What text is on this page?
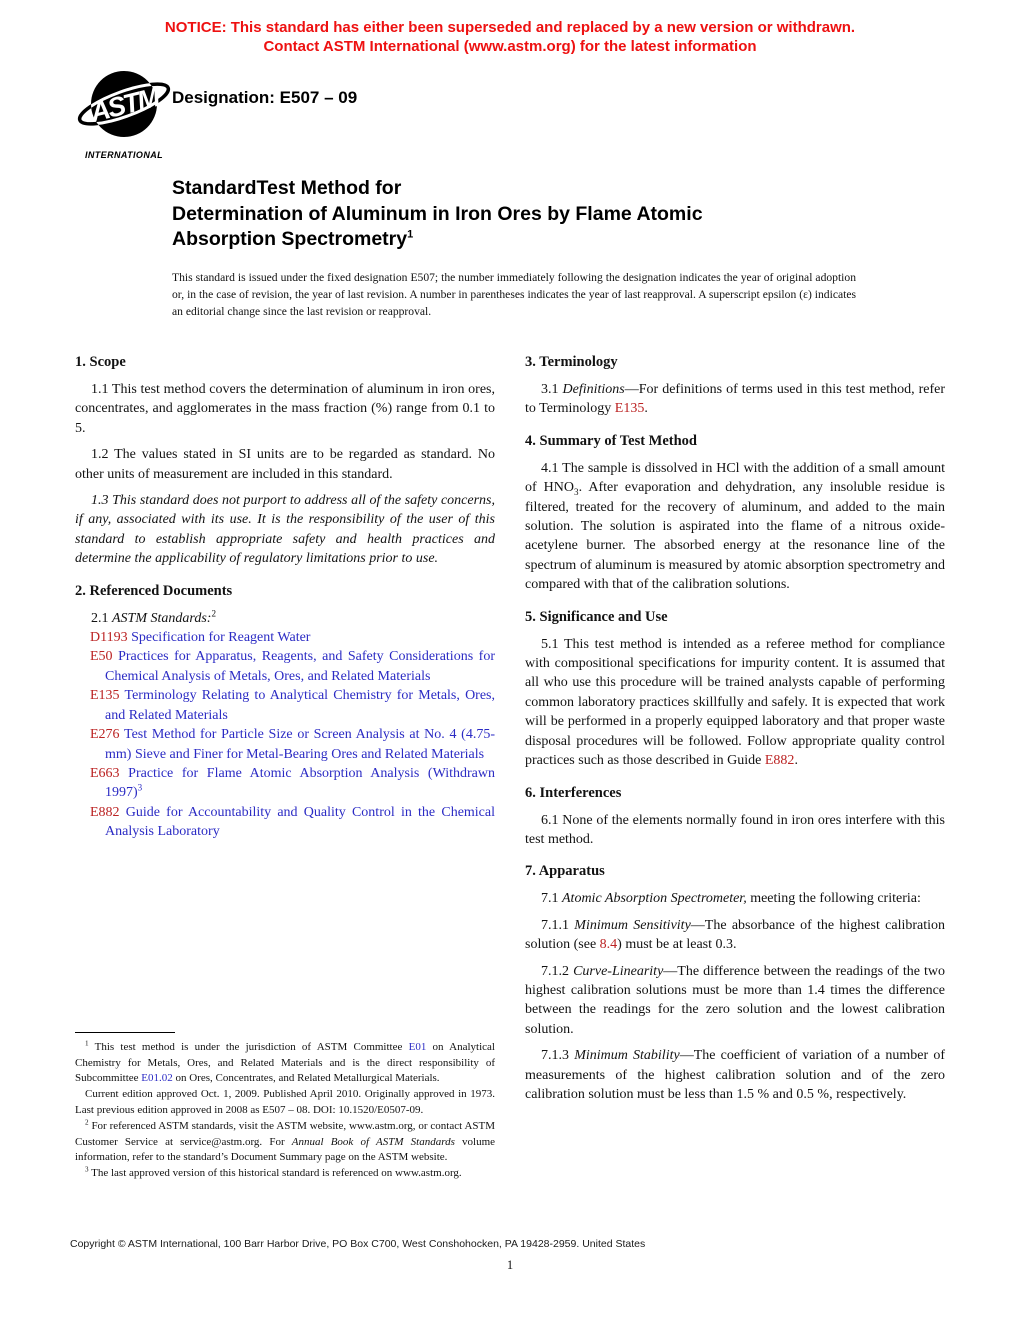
NOTICE: This standard has either been superseded and replaced by a new version or withdrawn.
Contact ASTM International (www.astm.org) for the latest information
ASTM
INTERNATIONAL
Designation: E507 – 09
StandardTest Method for
Determination of Aluminum in Iron Ores by Flame Atomic
Absorption Spectrometry$^1$
This standard is issued under the fixed designation E507; the number immediately following the designation indicates the year of original adoption or, in the case of revision, the year of last revision. A number in parentheses indicates the year of last reapproval. A superscript epsilon (ε) indicates an editorial change since the last revision or reapproval.
1. Scope

1.1 This test method covers the determination of aluminum in iron ores, concentrates, and agglomerates in the mass fraction (%) range from 0.1 to 5.

1.2 The values stated in SI units are to be regarded as standard. No other units of measurement are included in this standard.

1.3 This standard does not purport to address all of the safety concerns, if any, associated with its use. It is the responsibility of the user of this standard to establish appropriate safety and health practices and determine the applicability of regulatory limitations prior to use.

2. Referenced Documents

2.1 ASTM Standards:$^2$

D1193 Specification for Reagent Water

E50 Practices for Apparatus, Reagents, and Safety Considerations for Chemical Analysis of Metals, Ores, and Related Materials

E135 Terminology Relating to Analytical Chemistry for Metals, Ores, and Related Materials

E276 Test Method for Particle Size or Screen Analysis at No. 4 (4.75-mm) Sieve and Finer for Metal-Bearing Ores and Related Materials

E663 Practice for Flame Atomic Absorption Analysis (Withdrawn 1997)$^3$

E882 Guide for Accountability and Quality Control in the Chemical Analysis Laboratory

$^1$ This test method is under the jurisdiction of ASTM Committee E01 on Analytical Chemistry for Metals, Ores, and Related Materials and is the direct responsibility of Subcommittee E01.02 on Ores, Concentrates, and Related Metallurgical Materials.

Current edition approved Oct. 1, 2009. Published April 2010. Originally approved in 1973. Last previous edition approved in 2008 as E507 – 08. DOI: 10.1520/E0507-09.

$^2$ For referenced ASTM standards, visit the ASTM website, www.astm.org, or contact ASTM Customer Service at service@astm.org. For Annual Book of ASTM Standards volume information, refer to the standard’s Document Summary page on the ASTM website.

$^3$ The last approved version of this historical standard is referenced on www.astm.org.

3. Terminology

3.1 Definitions—For definitions of terms used in this test method, refer to Terminology E135.

4. Summary of Test Method

4.1 The sample is dissolved in HCl with the addition of a small amount of $HNO_3$. After evaporation and dehydration, any insoluble residue is filtered, treated for the recovery of aluminum, and added to the main solution. The solution is aspirated into the flame of a nitrous oxide-acetylene burner. The absorbed energy at the resonance line of the spectrum of aluminum is measured by atomic absorption spectrometry and compared with that of the calibration solutions.

5. Significance and Use

5.1 This test method is intended as a referee method for compliance with compositional specifications for impurity content. It is assumed that all who use this procedure will be trained analysts capable of performing common laboratory practices skillfully and safely. It is expected that work will be performed in a properly equipped laboratory and that proper waste disposal procedures will be followed. Follow appropriate quality control practices such as those described in Guide E882.

6. Interferences

6.1 None of the elements normally found in iron ores interfere with this test method.

7. Apparatus

7.1 Atomic Absorption Spectrometer, meeting the following criteria:

7.1.1 Minimum Sensitivity—The absorbance of the highest calibration solution (see 8.4) must be at least 0.3.

7.1.2 Curve-Linearity—The difference between the readings of the two highest calibration solutions must be more than 1.4 times the difference between the readings for the zero solution and the lowest calibration solution.

7.1.3 Minimum Stability—The coefficient of variation of a number of measurements of the highest calibration solution and of the zero calibration solution must be less than 1.5 % and 0.5 %, respectively.

Copyright © ASTM International, 100 Barr Harbor Drive, PO Box C700, West Conshohocken, PA 19428-2959. United States
1
